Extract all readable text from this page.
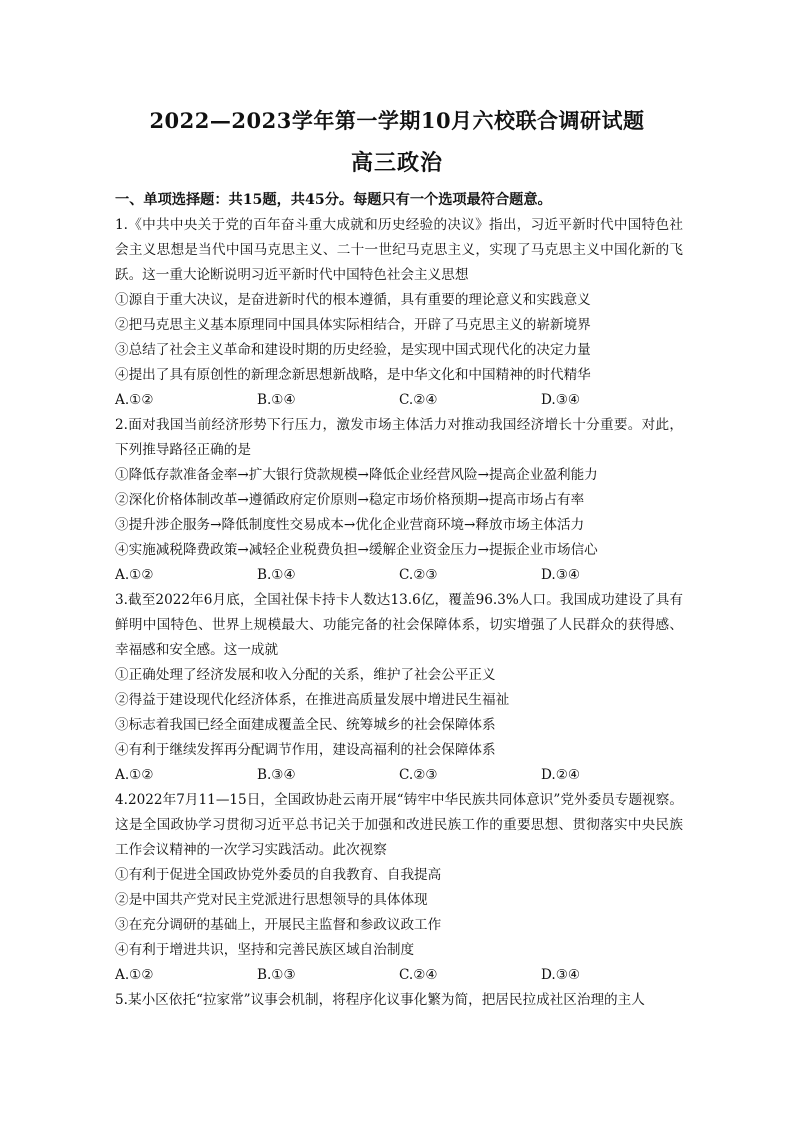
2022—2023学年第一学期10月六校联合调研试题
高三政治
一、单项选择题：共15题，共45分。每题只有一个选项最符合题意。
1.《中共中央关于党的百年奋斗重大成就和历史经验的决议》指出，习近平新时代中国特色社会主义思想是当代中国马克思主义、二十一世纪马克思主义，实现了马克思主义中国化新的飞跃。这一重大论断说明习近平新时代中国特色社会主义思想
①源自于重大决议，是奋进新时代的根本遵循，具有重要的理论意义和实践意义
②把马克思主义基本原理同中国具体实际相结合，开辟了马克思主义的崭新境界
③总结了社会主义革命和建设时期的历史经验，是实现中国式现代化的决定力量
④提出了具有原创性的新理念新思想新战略，是中华文化和中国精神的时代精华
A.①②	B.①④	C.②④	D.③④
2.面对我国当前经济形势下行压力，激发市场主体活力对推动我国经济增长十分重要。对此，下列推导路径正确的是
①降低存款准备金率→扩大银行贷款规模→降低企业经营风险→提高企业盈利能力
②深化价格体制改革→遵循政府定价原则→稳定市场价格预期→提高市场占有率
③提升涉企服务→降低制度性交易成本→优化企业营商环境→释放市场主体活力
④实施减税降费政策→减轻企业税费负担→缓解企业资金压力→提振企业市场信心
A.①②	B.①④	C.②③	D.③④
3.截至2022年6月底，全国社保卡持卡人数达13.6亿，覆盖96.3%人口。我国成功建设了具有鲜明中国特色、世界上规模最大、功能完备的社会保障体系，切实增强了人民群众的获得感、幸福感和安全感。这一成就
①正确处理了经济发展和收入分配的关系，维护了社会公平正义
②得益于建设现代化经济体系，在推进高质量发展中增进民生福祉
③标志着我国已经全面建成覆盖全民、统筹城乡的社会保障体系
④有利于继续发挥再分配调节作用，建设高福利的社会保障体系
A.①②	B.③④	C.②③	D.②④
4.2022年7月11—15日，全国政协赴云南开展“铸牢中华民族共同体意识”党外委员专题视察。这是全国政协学习贯彻习近平总书记关于加强和改进民族工作的重要思想、贯彻落实中央民族工作会议精神的一次学习实践活动。此次视察
①有利于促进全国政协党外委员的自我教育、自我提高
②是中国共产党对民主党派进行思想领导的具体体现
③在充分调研的基础上，开展民主监督和参政议政工作
④有利于增进共识，坚持和完善民族区域自治制度
A.①②	B.①③	C.②④	D.③④
5.某小区依托“拉家常”议事会机制，将程序化议事化繁为简，把居民拉成社区治理的主人
